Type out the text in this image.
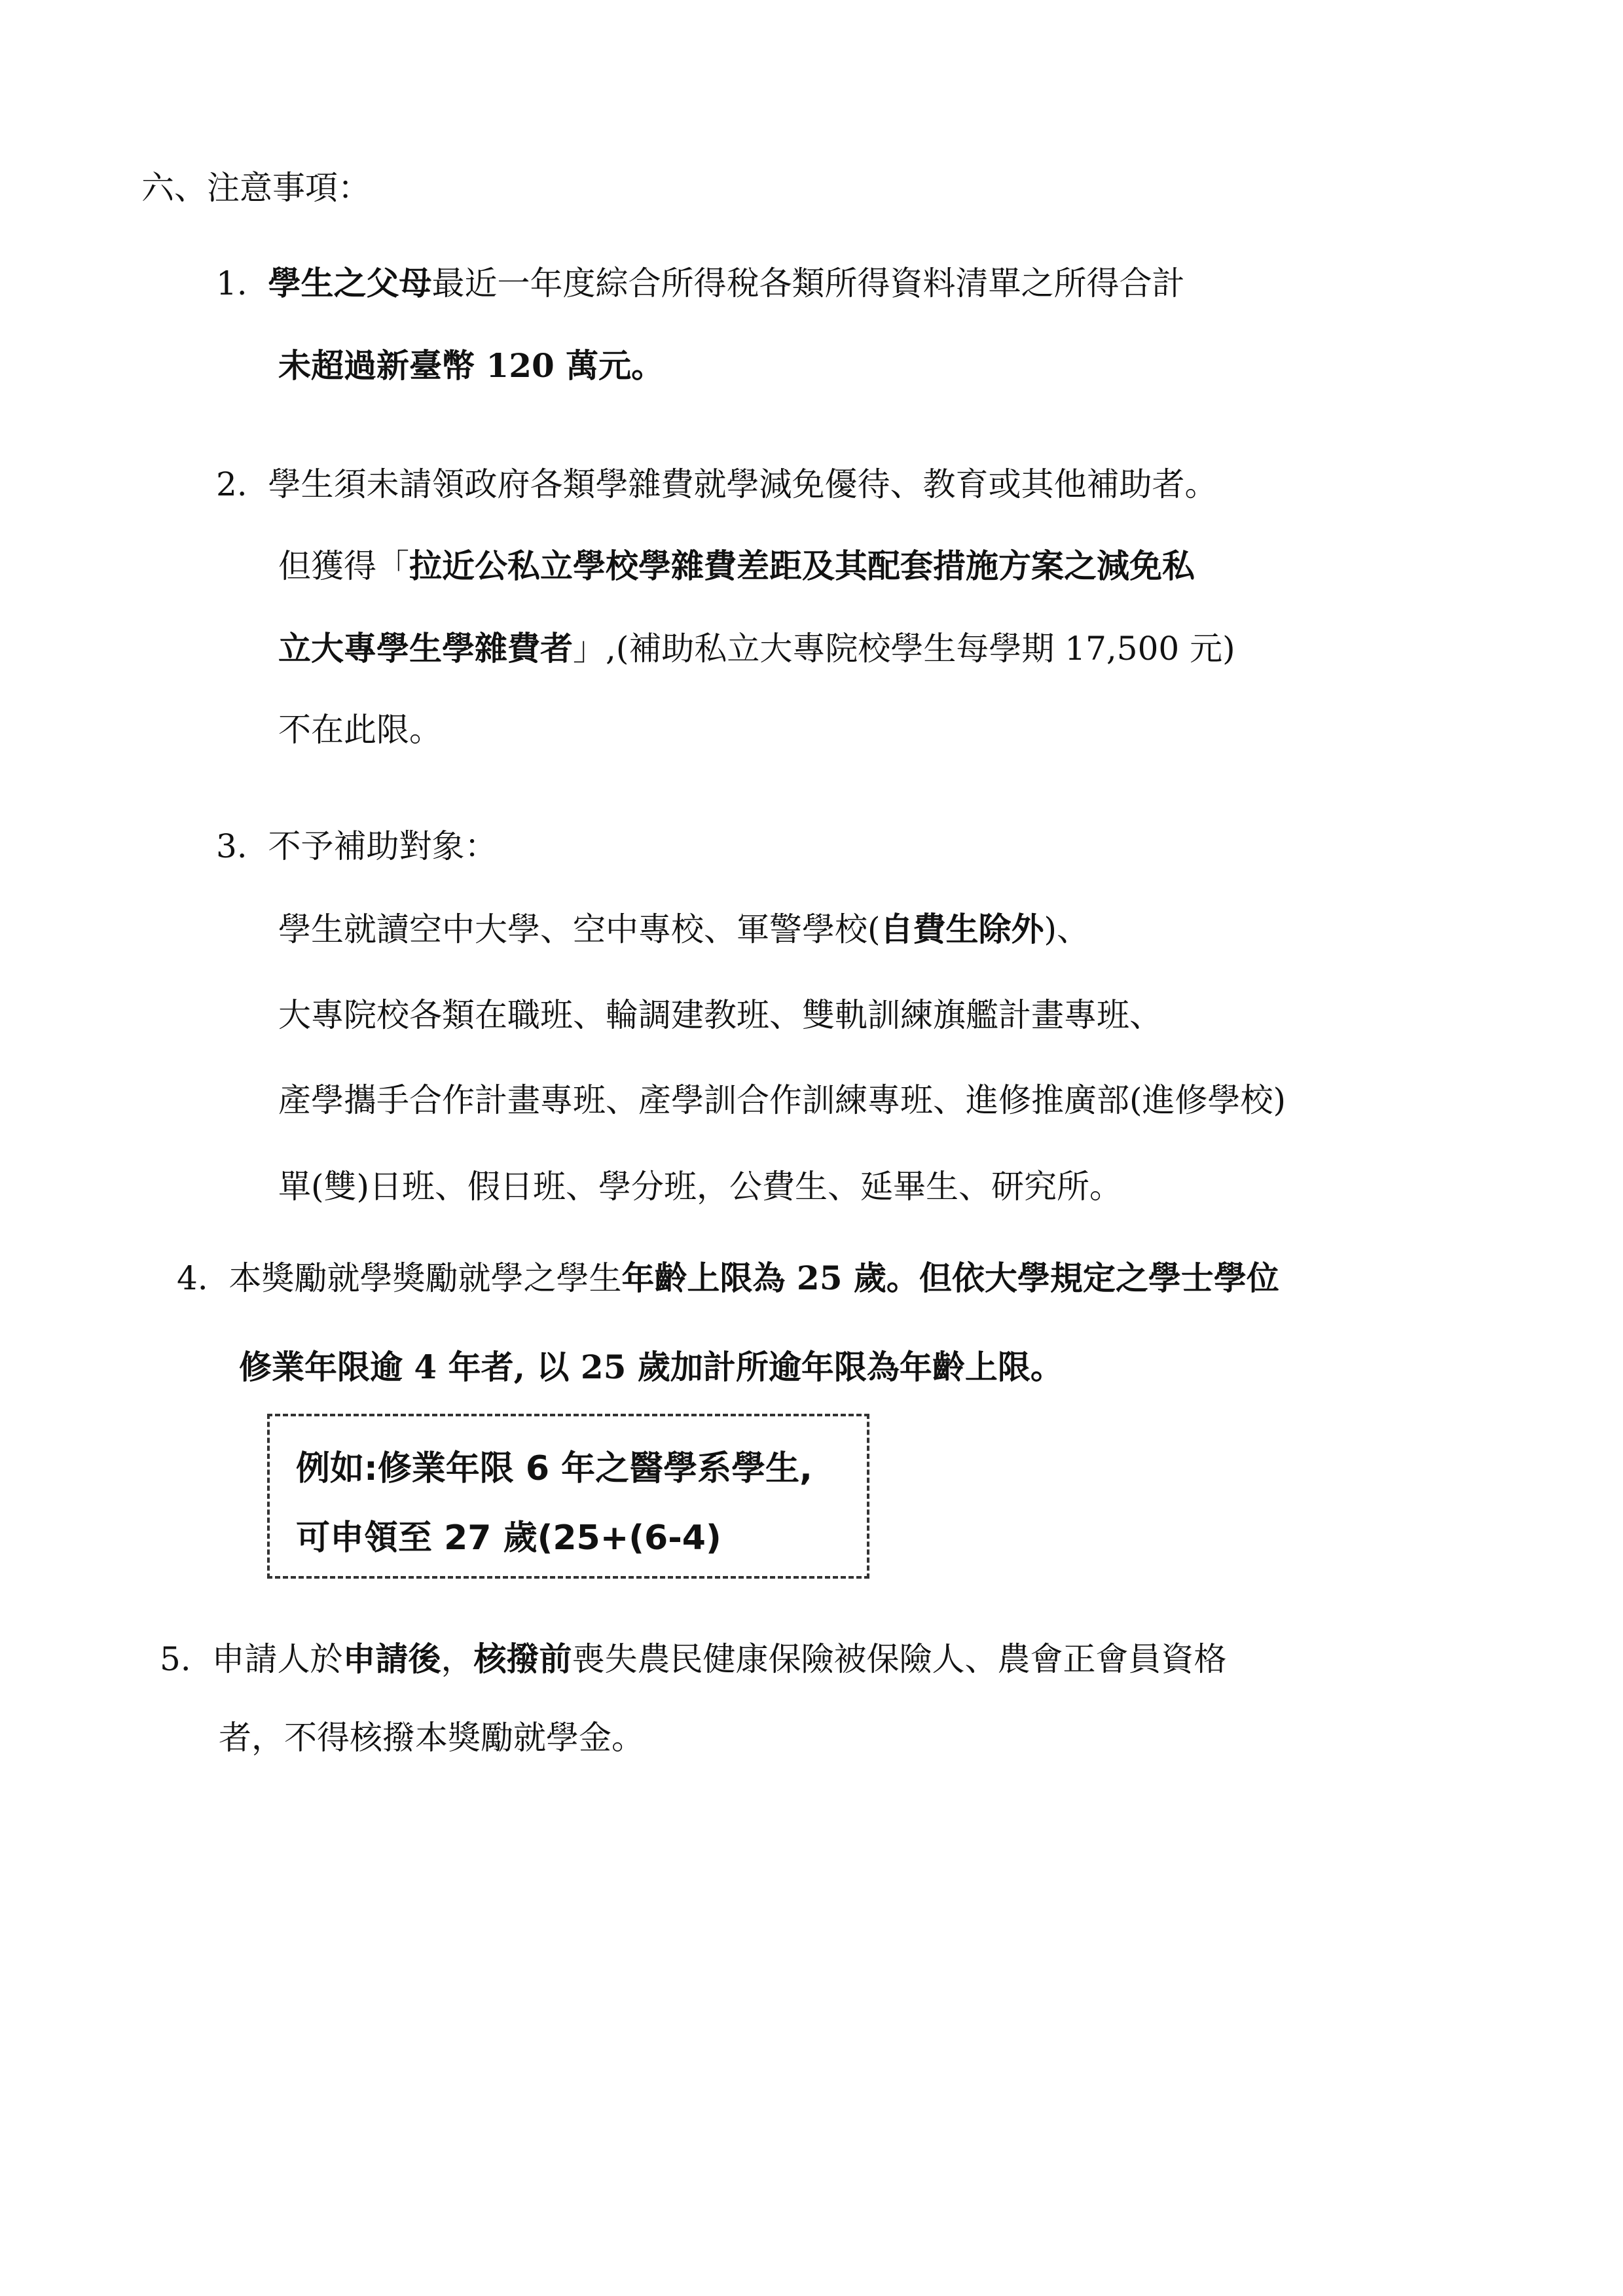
六、注意事項：
1. 學生之父母最近一年度綜合所得稅各類所得資料清單之所得合計
未超過新臺幣 120 萬元。
2. 學生須未請領政府各類學雜費就學減免優待、教育或其他補助者。
但獲得「拉近公私立學校學雜費差距及其配套措施方案之減免私
立大專學生學雜費者」,(補助私立大專院校學生每學期 17,500 元)
不在此限。
3. 不予補助對象：
學生就讀空中大學、空中專校、軍警學校(自費生除外)、
大專院校各類在職班、輪調建教班、雙軌訓練旗艦計畫專班、
產學攜手合作計畫專班、產學訓合作訓練專班、進修推廣部(進修學校)
單(雙)日班、假日班、學分班，公費生、延畢生、研究所。
4. 本獎勵就學獎勵就學之學生年齡上限為 25 歲。但依大學規定之學士學位
修業年限逾 4 年者, 以 25 歲加計所逾年限為年齡上限。
例如:修業年限 6 年之醫學系學生,
可申領至 27 歲(25+(6-4)
5. 申請人於申請後，核撥前喪失農民健康保險被保險人、農會正會員資格
者，不得核撥本獎勵就學金。
